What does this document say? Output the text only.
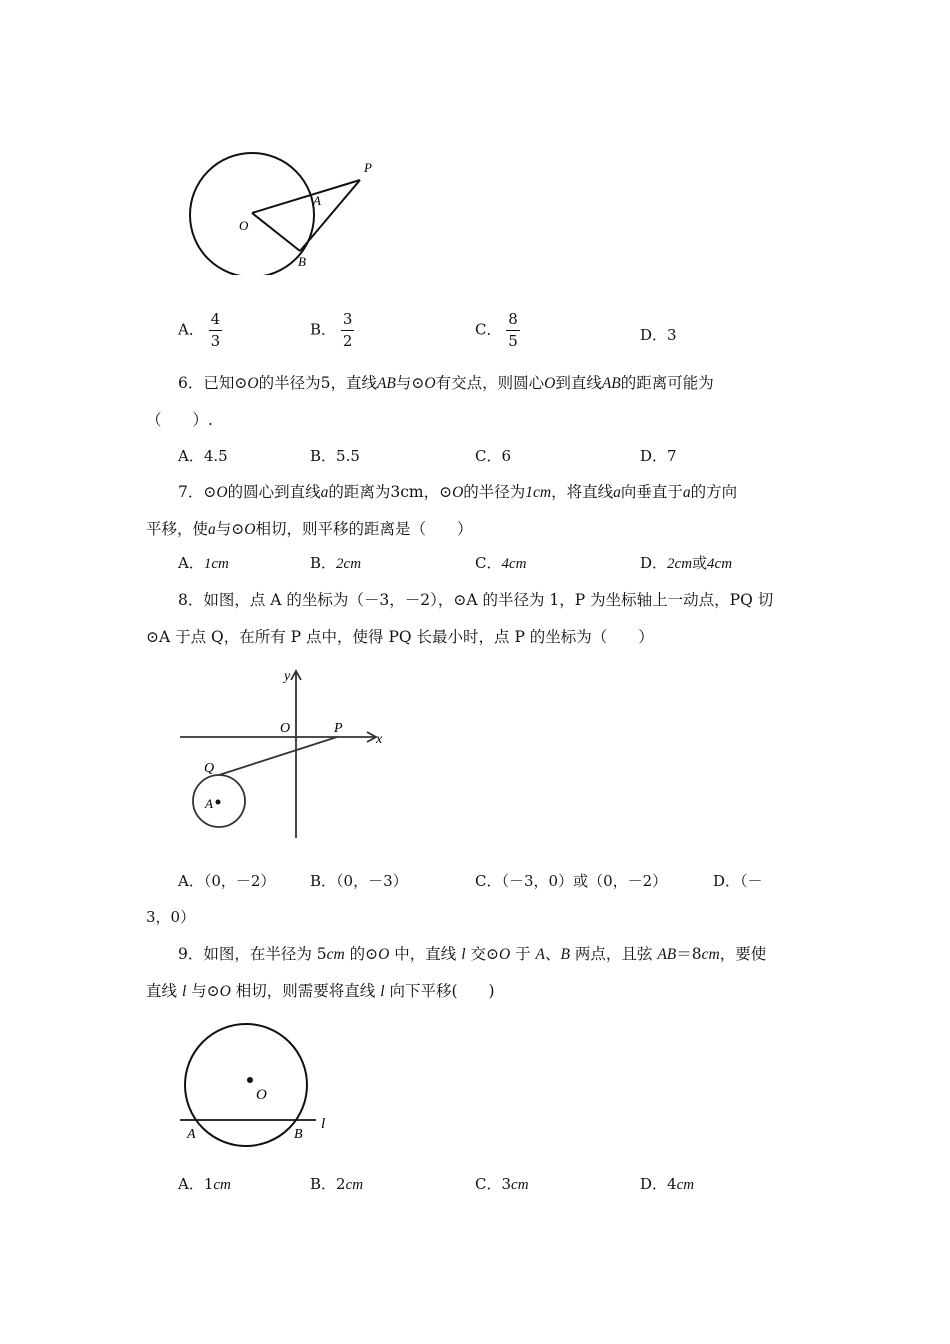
P
A
O
B
A． $\frac{4}{3}$	B． $\frac{3}{2}$	C． $\frac{8}{5}$	D．3
6．已知⊙O的半径为5，直线AB与⊙O有交点，则圆心O到直线AB的距离可能为
（　　）.
A．4.5	B．5.5	C．6	D．7
7．⊙O的圆心到直线a的距离为3cm，⊙O的半径为1cm，将直线a向垂直于a的方向
平移，使a与⊙O相切，则平移的距离是（　　）
A．1cm	B．2cm	C．4cm	D．2cm或4cm
8．如图，点 A 的坐标为（－3，－2），⊙A 的半径为 1，P 为坐标轴上一动点，PQ 切
⊙A 于点 Q，在所有 P 点中，使得 PQ 长最小时，点 P 的坐标为（　　）
y
x
O	P
Q
A
A．（0，－2） B．（0，－3）	C．（－3，0）或（0，－2）	D．（－
3，0）
9．如图，在半径为 5cm 的⊙O 中，直线 l 交⊙O 于 A、B 两点，且弦 AB＝8cm，要使
直线 l 与⊙O 相切，则需要将直线 l 向下平移(　　)
O
A	B
l
A．1cm	B．2cm	C．3cm	D．4cm
